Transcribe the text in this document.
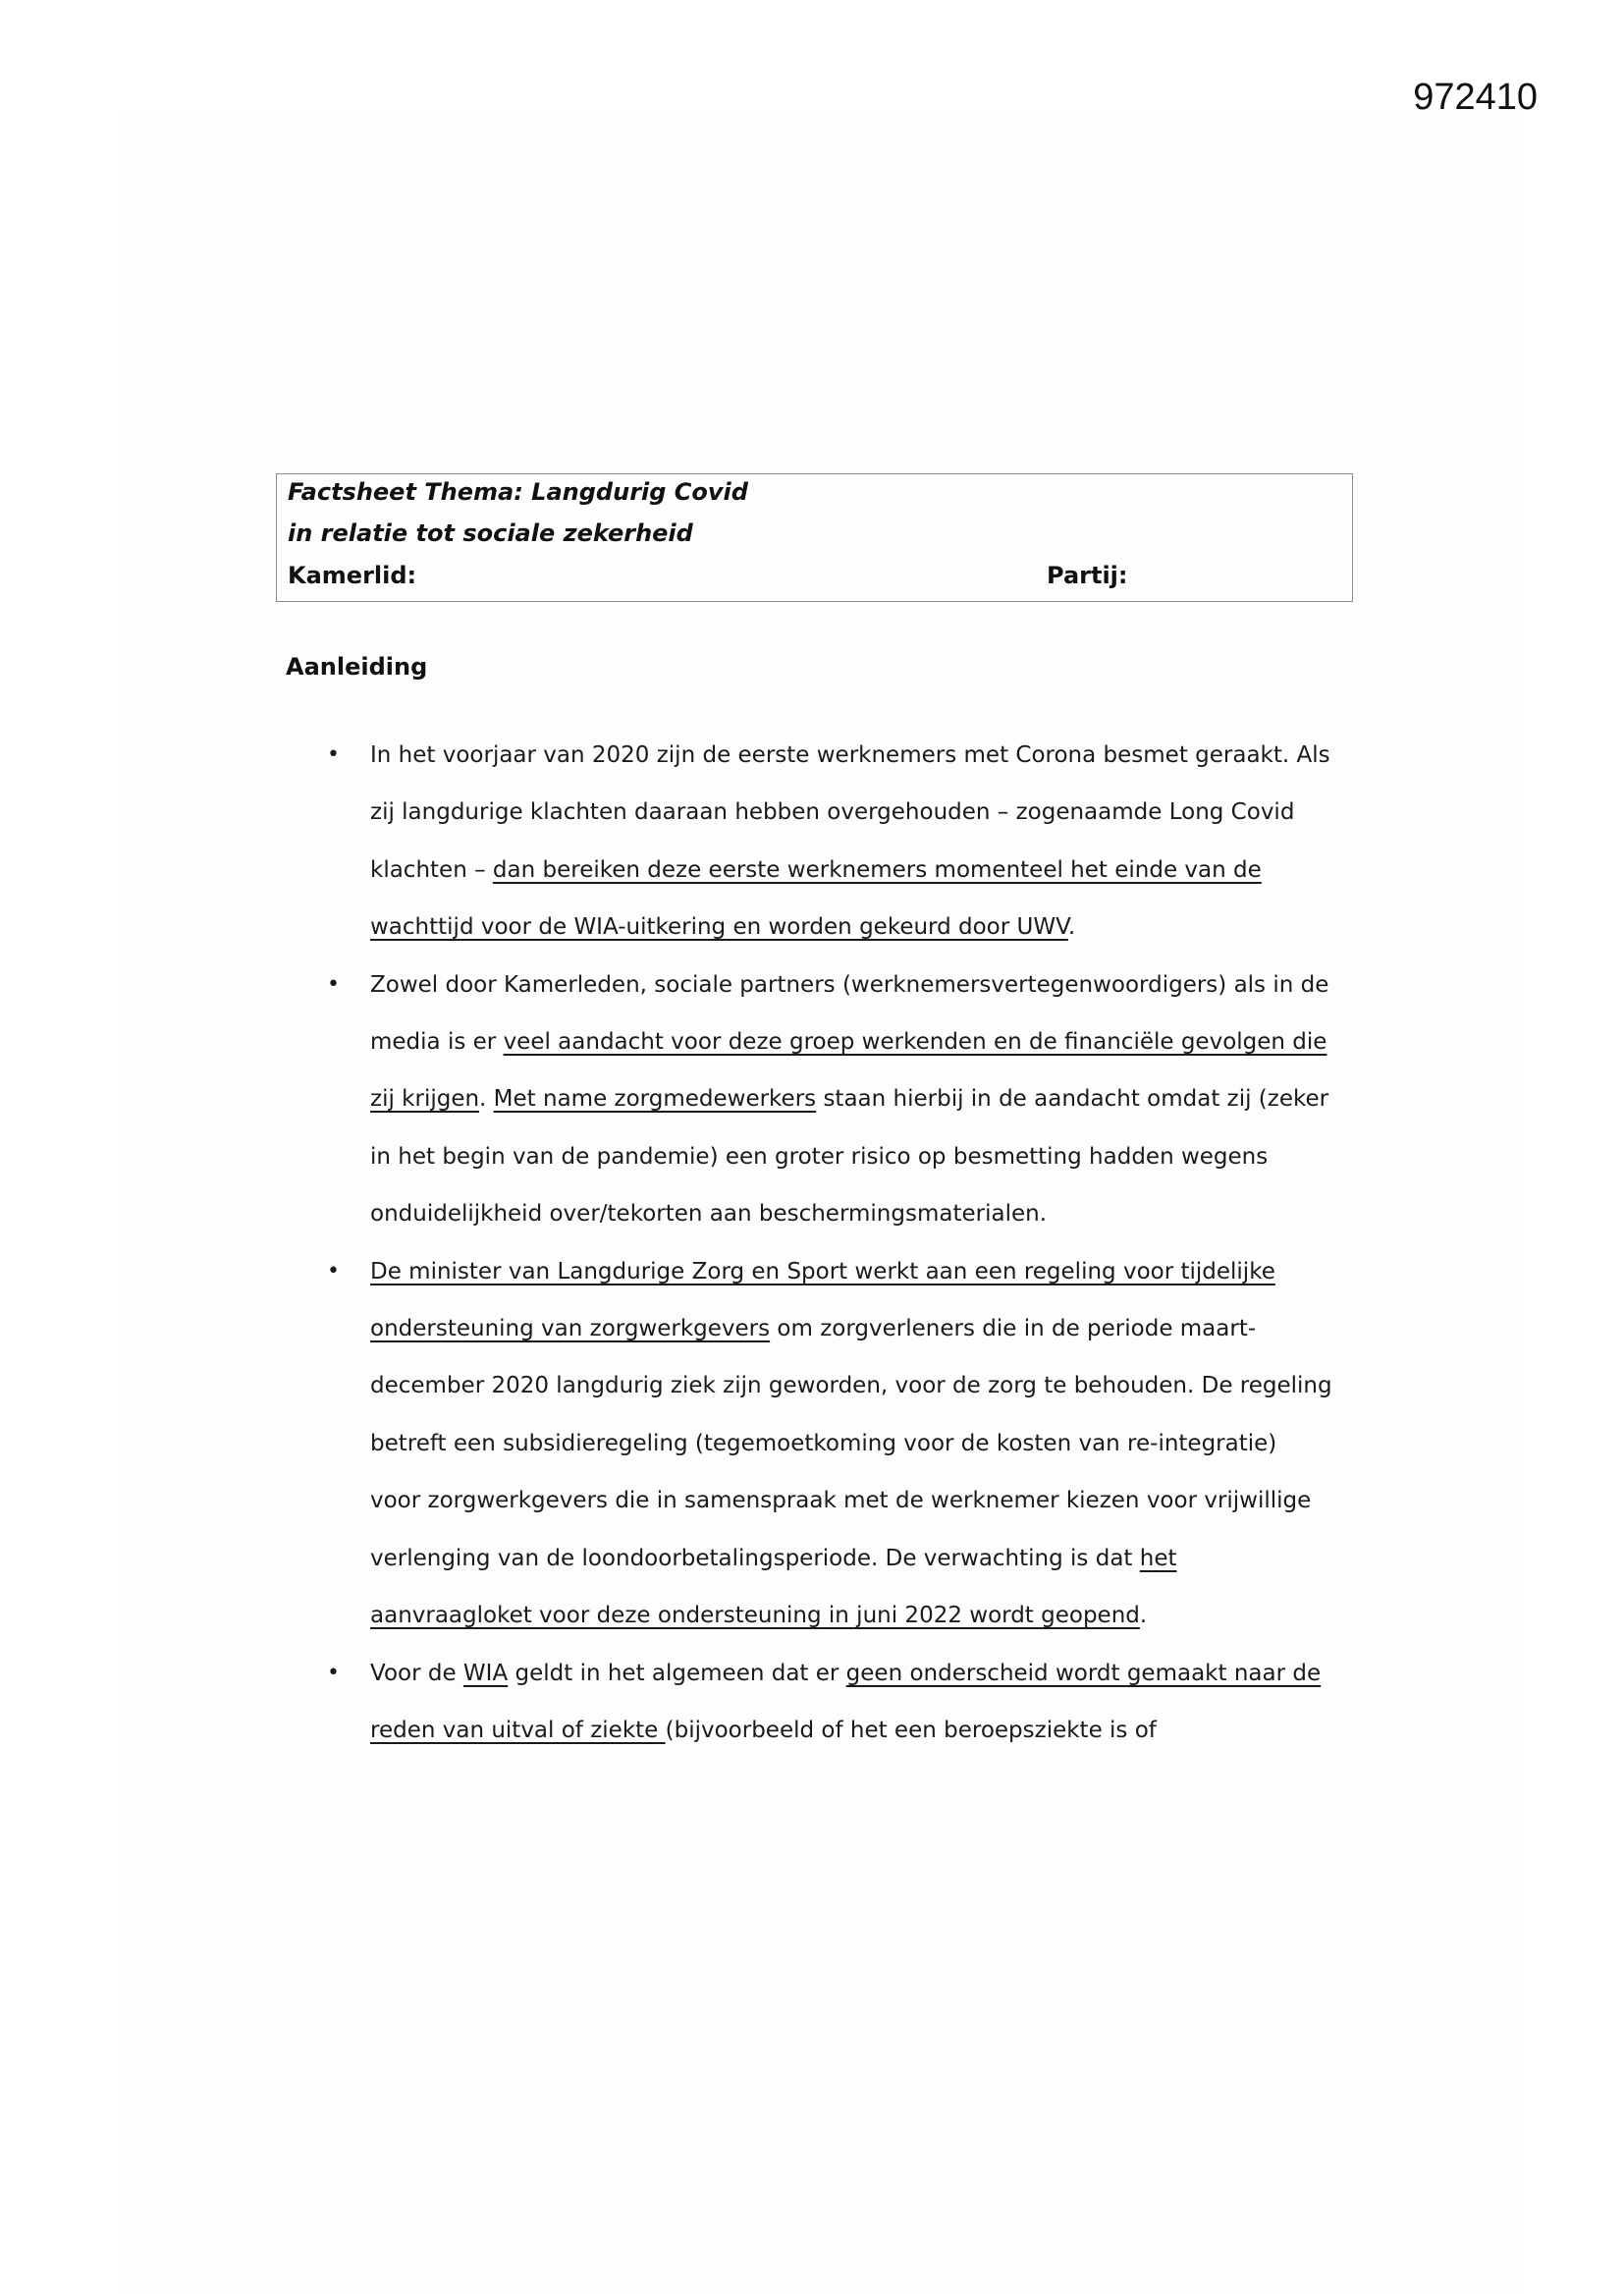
972410
Factsheet Thema: Langdurig Covid
in relatie tot sociale zekerheid
Kamerlid:	Partij:
Aanleiding
• In het voorjaar van 2020 zijn de eerste werknemers met Corona besmet geraakt. Als zij langdurige klachten daaraan hebben overgehouden – zogenaamde Long Covid klachten – dan bereiken deze eerste werknemers momenteel het einde van de wachttijd voor de WIA-uitkering en worden gekeurd door UWV.
• Zowel door Kamerleden, sociale partners (werknemersvertegenwoordigers) als in de media is er veel aandacht voor deze groep werkenden en de financiële gevolgen die zij krijgen. Met name zorgmedewerkers staan hierbij in de aandacht omdat zij (zeker in het begin van de pandemie) een groter risico op besmetting hadden wegens onduidelijkheid over/tekorten aan beschermingsmaterialen.
• De minister van Langdurige Zorg en Sport werkt aan een regeling voor tijdelijke ondersteuning van zorgwerkgevers om zorgverleners die in de periode maart-december 2020 langdurig ziek zijn geworden, voor de zorg te behouden. De regeling betreft een subsidieregeling (tegemoetkoming voor de kosten van re-integratie) voor zorgwerkgevers die in samenspraak met de werknemer kiezen voor vrijwillige verlenging van de loondoorbetalingsperiode. De verwachting is dat het aanvraagloket voor deze ondersteuning in juni 2022 wordt geopend.
• Voor de WIA geldt in het algemeen dat er geen onderscheid wordt gemaakt naar de reden van uitval of ziekte (bijvoorbeeld of het een beroepsziekte is of
